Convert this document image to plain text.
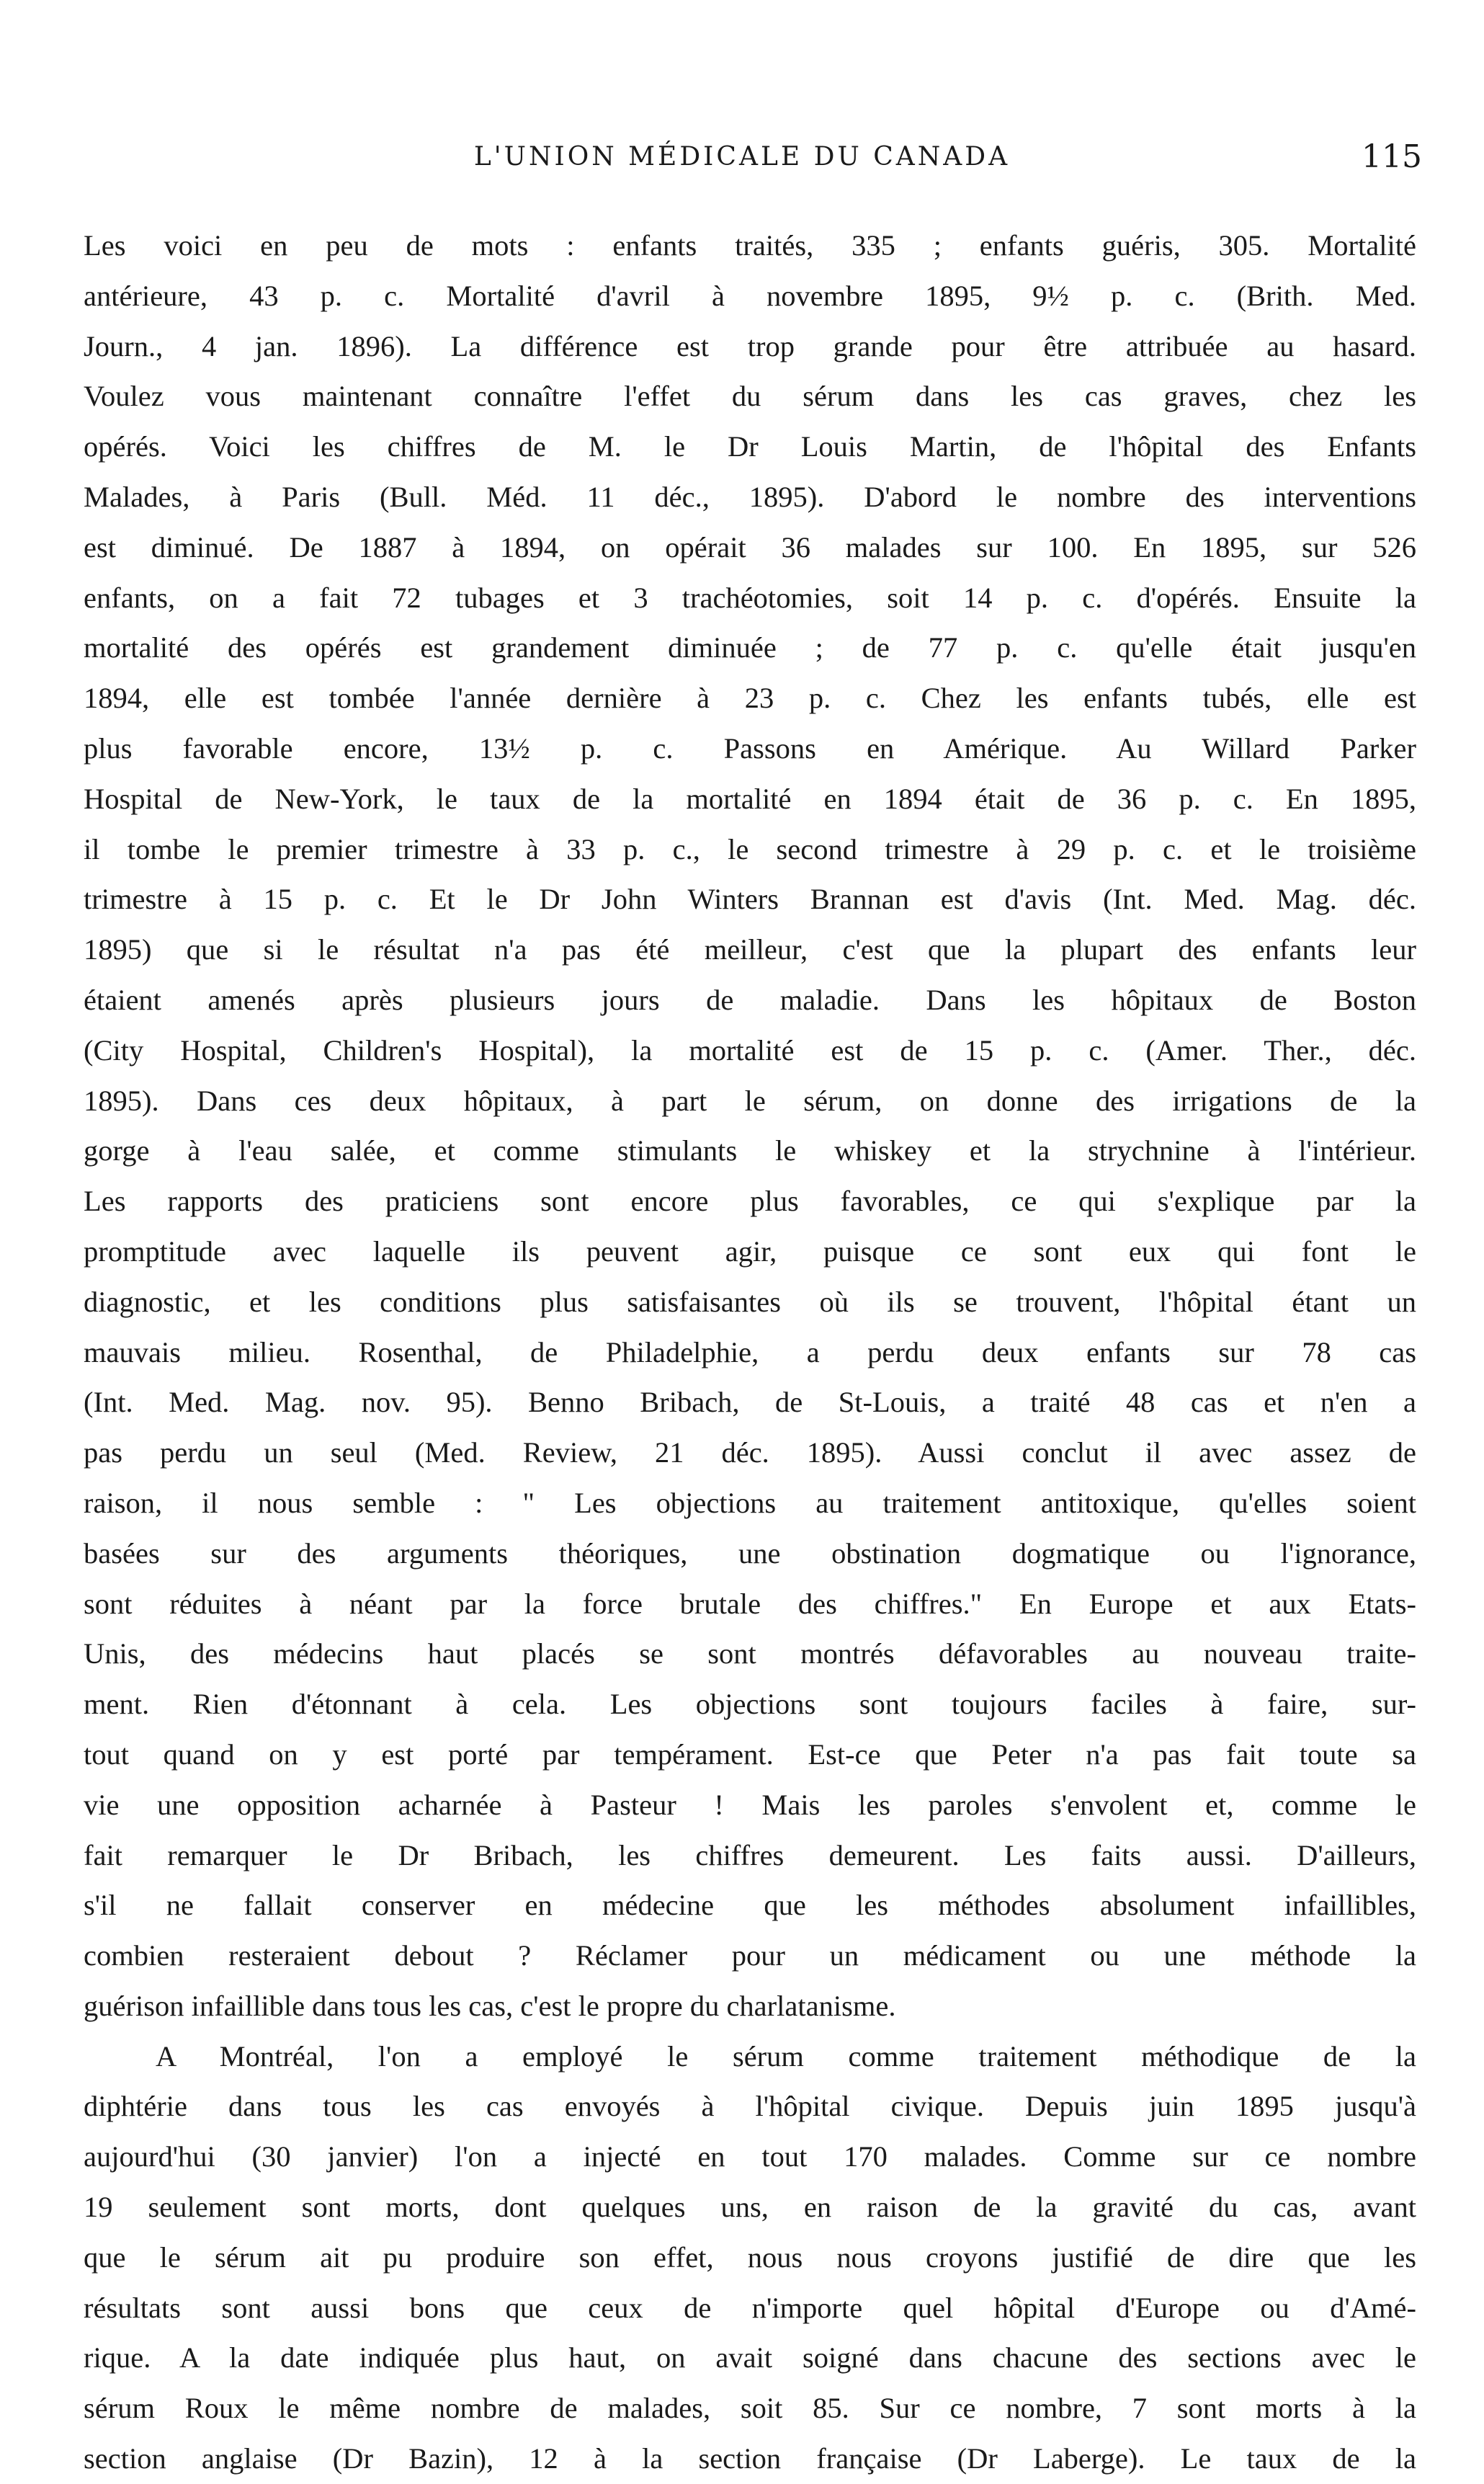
L'UNION MÉDICALE DU CANADA	115
Les voici en peu de mots : enfants traités, 335 ; enfants guéris, 305. Mortalité
antérieure, 43 p. c. Mortalité d'avril à novembre 1895, 9½ p. c. (Brith. Med.
Journ., 4 jan. 1896). La différence est trop grande pour être attribuée au hasard.
Voulez vous maintenant connaître l'effet du sérum dans les cas graves, chez les
opérés. Voici les chiffres de M. le Dr Louis Martin, de l'hôpital des Enfants
Malades, à Paris (Bull. Méd. 11 déc., 1895). D'abord le nombre des interventions
est diminué. De 1887 à 1894, on opérait 36 malades sur 100. En 1895, sur 526
enfants, on a fait 72 tubages et 3 trachéotomies, soit 14 p. c. d'opérés. Ensuite la
mortalité des opérés est grandement diminuée ; de 77 p. c. qu'elle était jusqu'en
1894, elle est tombée l'année dernière à 23 p. c. Chez les enfants tubés, elle est
plus favorable encore, 13½ p. c. Passons en Amérique. Au Willard Parker
Hospital de New-York, le taux de la mortalité en 1894 était de 36 p. c. En 1895,
il tombe le premier trimestre à 33 p. c., le second trimestre à 29 p. c. et le troisième
trimestre à 15 p. c. Et le Dr John Winters Brannan est d'avis (Int. Med. Mag. déc.
1895) que si le résultat n'a pas été meilleur, c'est que la plupart des enfants leur
étaient amenés après plusieurs jours de maladie. Dans les hôpitaux de Boston
(City Hospital, Children's Hospital), la mortalité est de 15 p. c. (Amer. Ther., déc.
1895). Dans ces deux hôpitaux, à part le sérum, on donne des irrigations de la
gorge à l'eau salée, et comme stimulants le whiskey et la strychnine à l'intérieur.
Les rapports des praticiens sont encore plus favorables, ce qui s'explique par la
promptitude avec laquelle ils peuvent agir, puisque ce sont eux qui font le
diagnostic, et les conditions plus satisfaisantes où ils se trouvent, l'hôpital étant un
mauvais milieu. Rosenthal, de Philadelphie, a perdu deux enfants sur 78 cas
(Int. Med. Mag. nov. 95). Benno Bribach, de St-Louis, a traité 48 cas et n'en a
pas perdu un seul (Med. Review, 21 déc. 1895). Aussi conclut il avec assez de
raison, il nous semble : " Les objections au traitement antitoxique, qu'elles soient
basées sur des arguments théoriques, une obstination dogmatique ou l'ignorance,
sont réduites à néant par la force brutale des chiffres." En Europe et aux Etats-
Unis, des médecins haut placés se sont montrés défavorables au nouveau traite-
ment. Rien d'étonnant à cela. Les objections sont toujours faciles à faire, sur-
tout quand on y est porté par tempérament. Est-ce que Peter n'a pas fait toute sa
vie une opposition acharnée à Pasteur ! Mais les paroles s'envolent et, comme le
fait remarquer le Dr Bribach, les chiffres demeurent. Les faits aussi. D'ailleurs,
s'il ne fallait conserver en médecine que les méthodes absolument infaillibles,
combien resteraient debout ? Réclamer pour un médicament ou une méthode la
guérison infaillible dans tous les cas, c'est le propre du charlatanisme.
A Montréal, l'on a employé le sérum comme traitement méthodique de la
diphtérie dans tous les cas envoyés à l'hôpital civique. Depuis juin 1895 jusqu'à
aujourd'hui (30 janvier) l'on a injecté en tout 170 malades. Comme sur ce nombre
19 seulement sont morts, dont quelques uns, en raison de la gravité du cas, avant
que le sérum ait pu produire son effet, nous nous croyons justifié de dire que les
résultats sont aussi bons que ceux de n'importe quel hôpital d'Europe ou d'Amé-
rique. A la date indiquée plus haut, on avait soigné dans chacune des sections avec le
sérum Roux le même nombre de malades, soit 85. Sur ce nombre, 7 sont morts à la
section anglaise (Dr Bazin), 12 à la section française (Dr Laberge). Le taux de la
